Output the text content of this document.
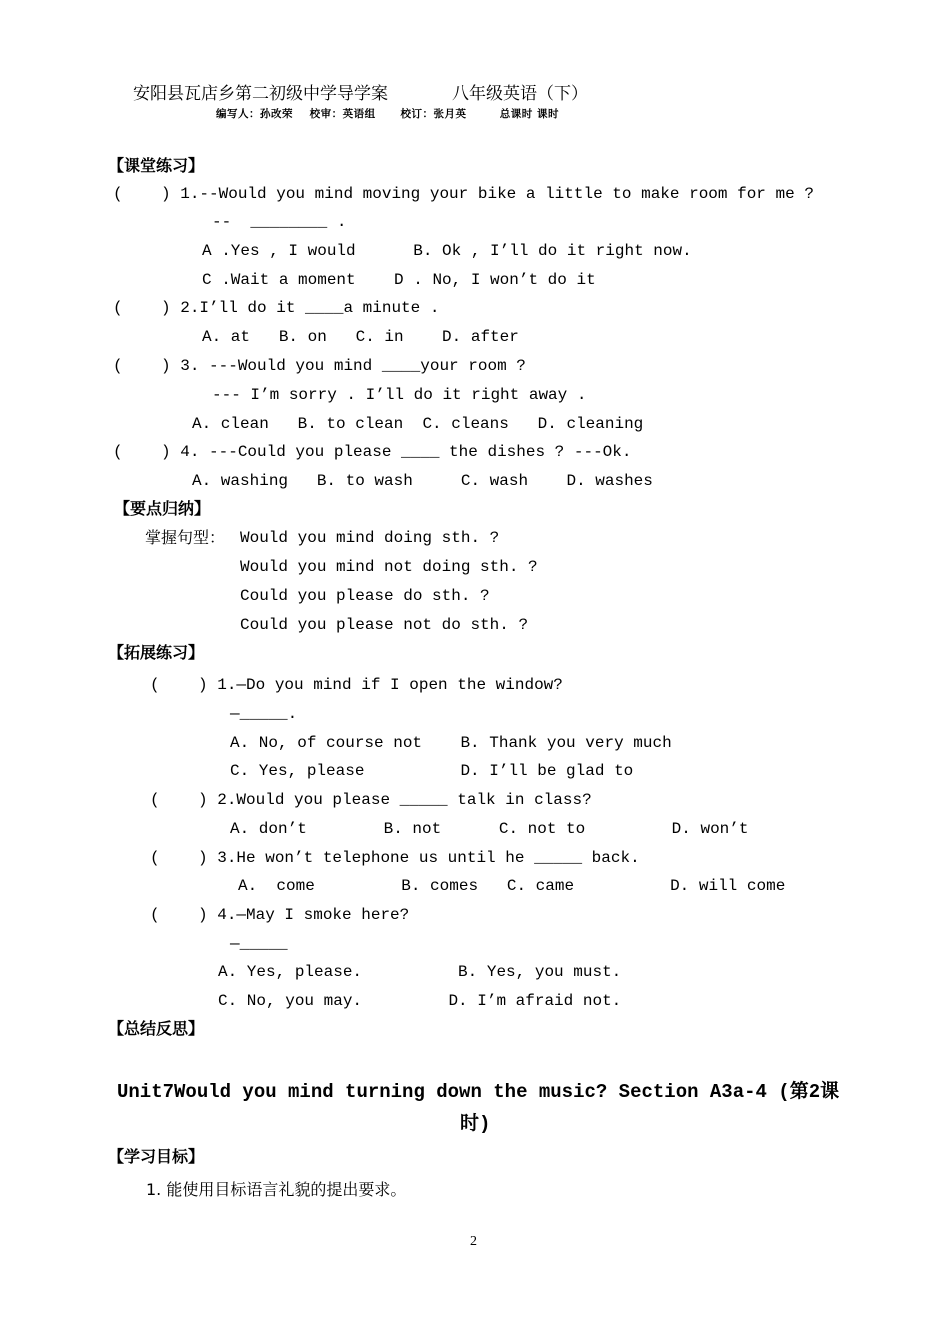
安阳县瓦店乡第二初级中学导学案	八年级英语（下）
编写人：孙改荣    校审：英语组      校订：张月英        总课时 课时
【课堂练习】
(    ) 1.--Would you mind moving your bike a little to make room for me ?
--  ________ .
A .Yes , I would      B. Ok , I’ll do it right now.
C .Wait a moment    D . No, I won’t do it
(    ) 2.I’ll do it ____a minute .
A. at   B. on   C. in    D. after
(    ) 3. ---Would you mind ____your room ?
--- I’m sorry . I’ll do it right away .
A. clean   B. to clean  C. cleans   D. cleaning
(    ) 4. ---Could you please ____ the dishes ? ---Ok.
A. washing   B. to wash     C. wash    D. washes
【要点归纳】
掌握句型： Would you mind doing sth. ?
Would you mind not doing sth. ?
Could you please do sth. ?
Could you please not do sth. ?
【拓展练习】
(    ) 1.—Do you mind if I open the window?
—_____.
A. No, of course not    B. Thank you very much
C. Yes, please          D. I’ll be glad to
(    ) 2.Would you please _____ talk in class?
A. don’t        B. not      C. not to         D. won’t
(    ) 3.He won’t telephone us until he _____ back.
A.  come         B. comes   C. came          D. will come
(    ) 4.—May I smoke here?
—_____
A. Yes, please.          B. Yes, you must.
C. No, you may.         D. I’m afraid not.
【总结反思】
Unit7Would you mind turning down the music? Section A3a-4 (第2课
时)
【学习目标】
1. 能使用目标语言礼貌的提出要求。
2
